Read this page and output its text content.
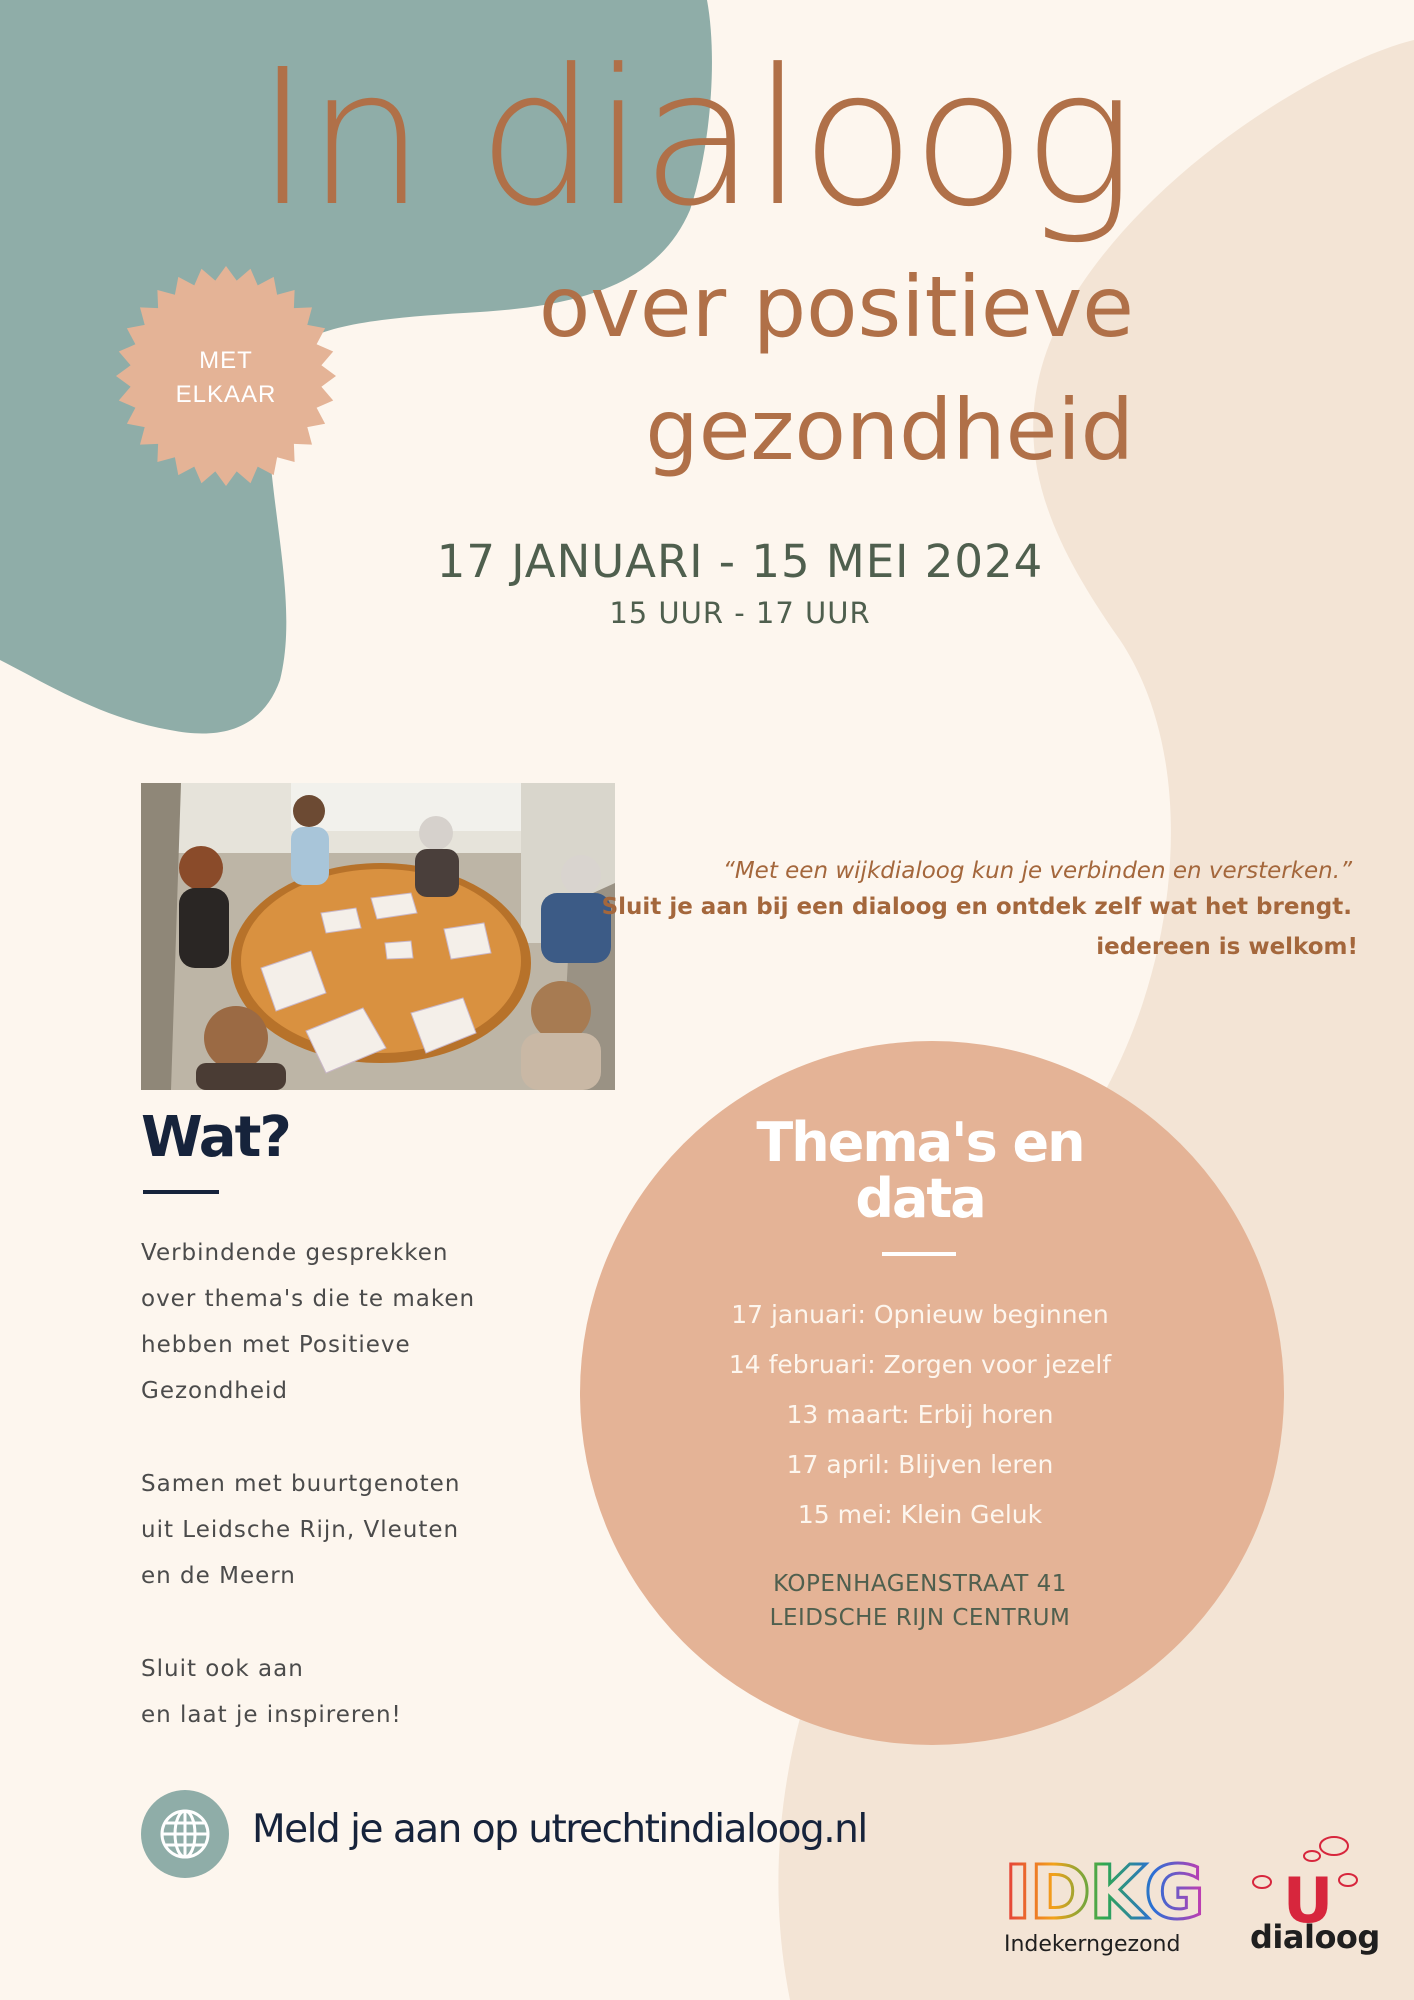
In dialoog
over positieve
gezondheid
MET
ELKAAR
17 JANUARI - 15 MEI 2024
15 UUR - 17 UUR
“Met een wijkdialoog kun je verbinden en versterken.”
Sluit je aan bij een dialoog en ontdek zelf wat het brengt.
iedereen is welkom!
Wat?
Verbindende gesprekken
over thema's die te maken
hebben met Positieve
Gezondheid
Samen met buurtgenoten
uit Leidsche Rijn, Vleuten
en de Meern
Sluit ook aan
en laat je inspireren!
Thema's en
data
17 januari: Opnieuw beginnen
14 februari: Zorgen voor jezelf
13 maart: Erbij horen
17 april: Blijven leren
15 mei: Klein Geluk
KOPENHAGENSTRAAT 41
LEIDSCHE RIJN CENTRUM
Meld je aan op utrechtindialoog.nl
IDKG
Indekerngezond
U
dialoog
